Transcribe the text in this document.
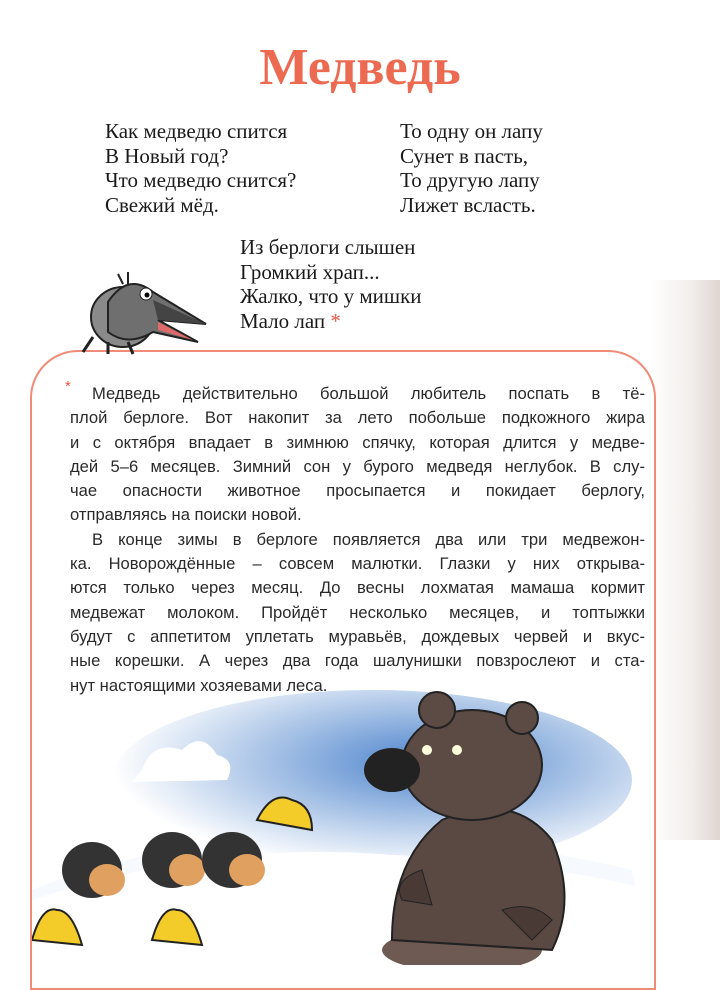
Медведь
Как медведю спится
В Новый год?
Что медведю снится?
Свежий мёд.
То одну он лапу
Сунет в пасть,
То другую лапу
Лижет всласть.
Из берлоги слышен
Громкий храп...
Жалко, что у мишки
Мало лап *
*	Медведь действительно большой любитель поспать в тё-
плой берлоге. Вот накопит за лето побольше подкожного жира
и с октября впадает в зимнюю спячку, которая длится у медве-
дей 5–6 месяцев. Зимний сон у бурого медведя неглубок. В слу-
чае опасности животное просыпается и покидает берлогу,
отправляясь на поиски новой.
В конце зимы в берлоге появляется два или три медвежон-
ка. Новорождённые – совсем малютки. Глазки у них открыва-
ются только через месяц. До весны лохматая мамаша кормит
медвежат молоком. Пройдёт несколько месяцев, и топтыжки
будут с аппетитом уплетать муравьёв, дождевых червей и вкус-
ные корешки. А через два года шалунишки повзрослеют и ста-
нут настоящими хозяевами леса.
